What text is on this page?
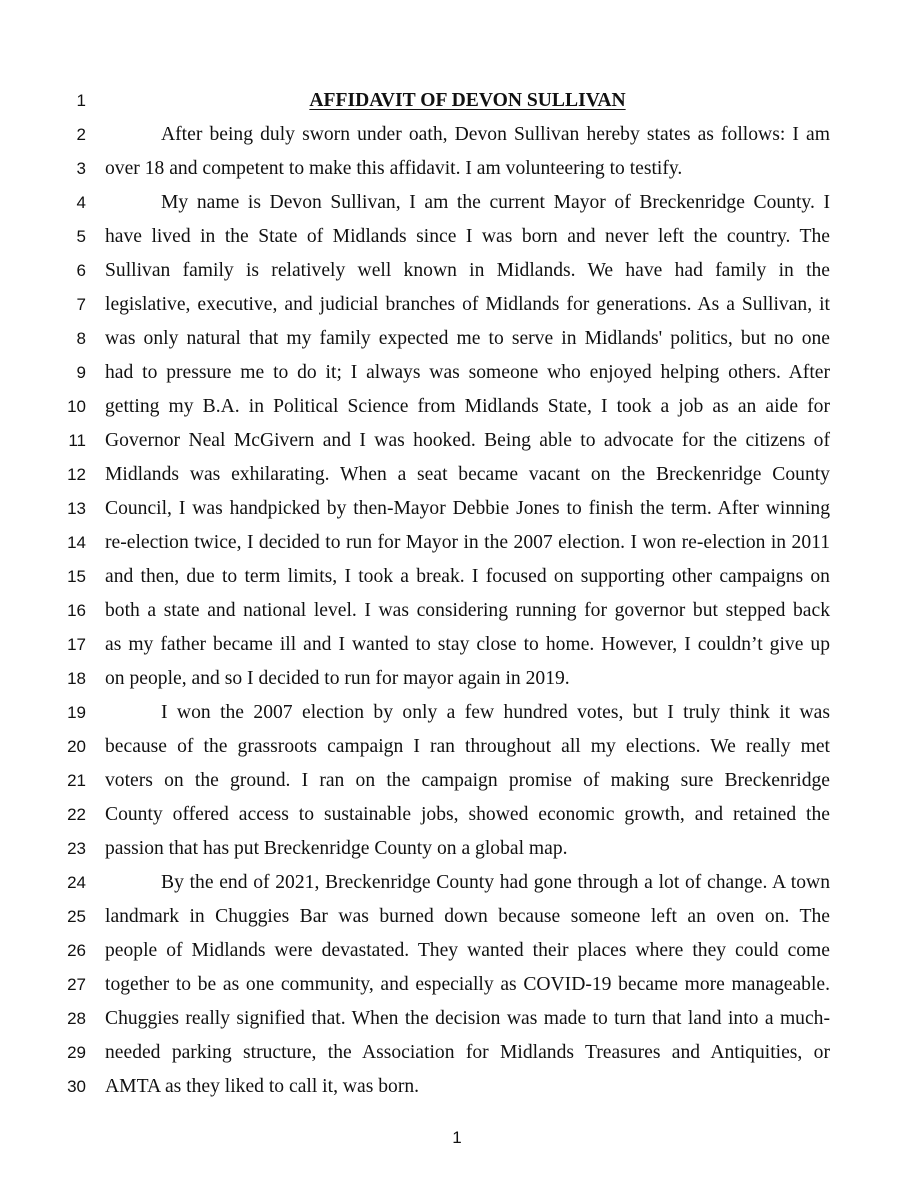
1	AFFIDAVIT OF DEVON SULLIVAN
2	After being duly sworn under oath, Devon Sullivan hereby states as follows: I am
3 over 18 and competent to make this affidavit. I am volunteering to testify.
4	My name is Devon Sullivan, I am the current Mayor of Breckenridge County. I
5 have lived in the State of Midlands since I was born and never left the country. The
6 Sullivan family is relatively well known in Midlands. We have had family in the
7 legislative, executive, and judicial branches of Midlands for generations. As a Sullivan, it
8 was only natural that my family expected me to serve in Midlands' politics, but no one
9 had to pressure me to do it; I always was someone who enjoyed helping others. After
10 getting my B.A. in Political Science from Midlands State, I took a job as an aide for
11 Governor Neal McGivern and I was hooked. Being able to advocate for the citizens of
12 Midlands was exhilarating. When a seat became vacant on the Breckenridge County
13 Council, I was handpicked by then-Mayor Debbie Jones to finish the term. After winning
14 re-election twice, I decided to run for Mayor in the 2007 election. I won re-election in 2011
15 and then, due to term limits, I took a break. I focused on supporting other campaigns on
16 both a state and national level. I was considering running for governor but stepped back
17 as my father became ill and I wanted to stay close to home. However, I couldn’t give up
18 on people, and so I decided to run for mayor again in 2019.
19	I won the 2007 election by only a few hundred votes, but I truly think it was
20 because of the grassroots campaign I ran throughout all my elections. We really met
21 voters on the ground. I ran on the campaign promise of making sure Breckenridge
22 County offered access to sustainable jobs, showed economic growth, and retained the
23 passion that has put Breckenridge County on a global map.
24	By the end of 2021, Breckenridge County had gone through a lot of change. A town
25 landmark in Chuggies Bar was burned down because someone left an oven on. The
26 people of Midlands were devastated. They wanted their places where they could come
27 together to be as one community, and especially as COVID-19 became more manageable.
28 Chuggies really signified that. When the decision was made to turn that land into a much-
29 needed parking structure, the Association for Midlands Treasures and Antiquities, or
30 AMTA as they liked to call it, was born.
1
